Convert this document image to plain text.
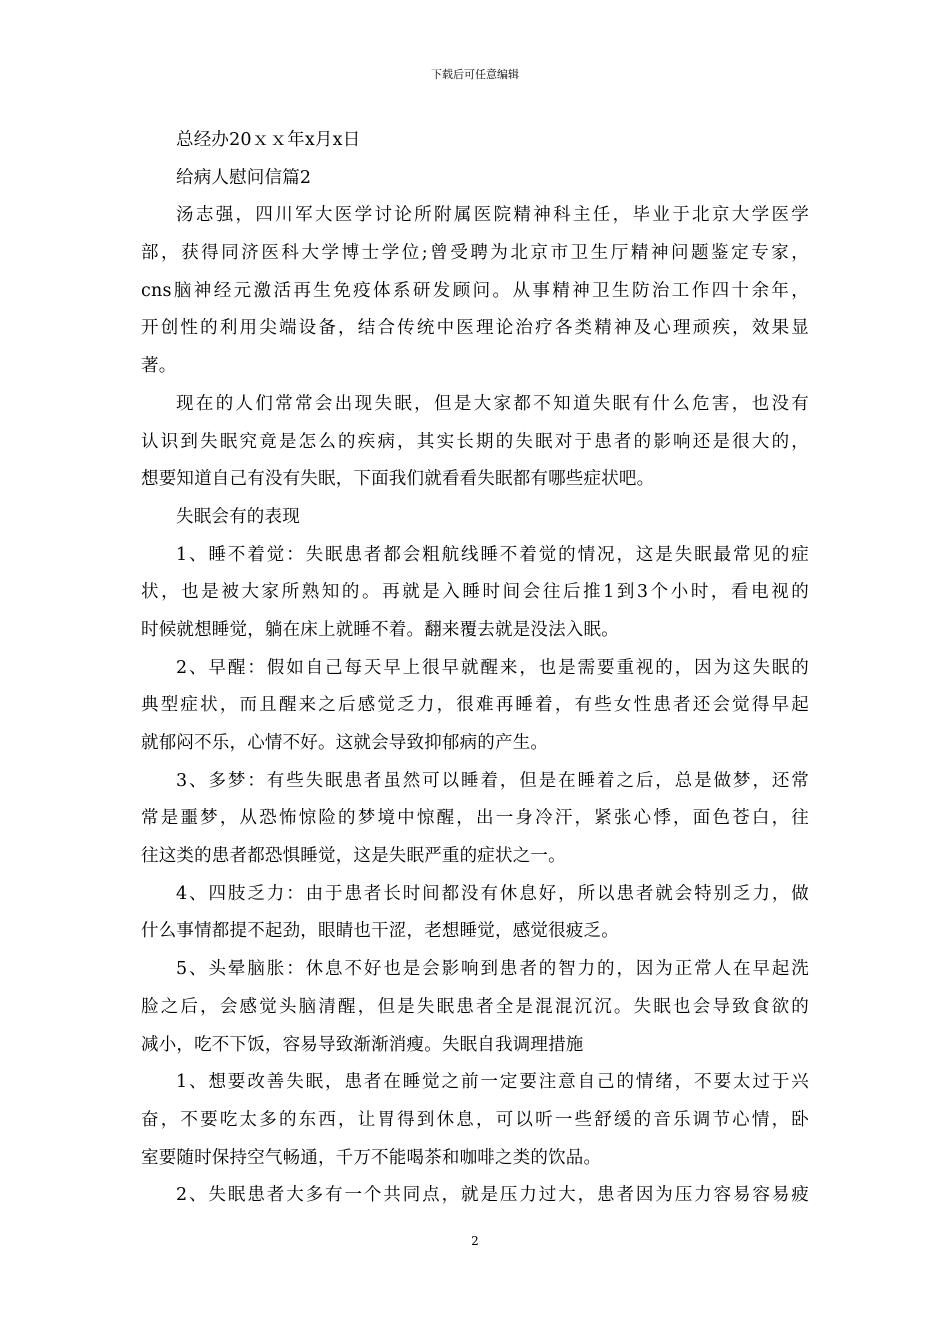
下载后可任意编辑
总经办20ｘｘ年x月x日
给病人慰问信篇2
汤志强，四川军大医学讨论所附属医院精神科主任，毕业于北京大学医学
部，获得同济医科大学博士学位;曾受聘为北京市卫生厅精神问题鉴定专家，
cns脑神经元激活再生免疫体系研发顾问。从事精神卫生防治工作四十余年，
开创性的利用尖端设备，结合传统中医理论治疗各类精神及心理顽疾，效果显
著。
现在的人们常常会出现失眠，但是大家都不知道失眠有什么危害，也没有
认识到失眠究竟是怎么的疾病，其实长期的失眠对于患者的影响还是很大的，
想要知道自己有没有失眠，下面我们就看看失眠都有哪些症状吧。
失眠会有的表现
1、睡不着觉：失眠患者都会粗航线睡不着觉的情况，这是失眠最常见的症
状，也是被大家所熟知的。再就是入睡时间会往后推1到3个小时，看电视的
时候就想睡觉，躺在床上就睡不着。翻来覆去就是没法入眠。
2、早醒：假如自己每天早上很早就醒来，也是需要重视的，因为这失眠的
典型症状，而且醒来之后感觉乏力，很难再睡着，有些女性患者还会觉得早起
就郁闷不乐，心情不好。这就会导致抑郁病的产生。
3、多梦：有些失眠患者虽然可以睡着，但是在睡着之后，总是做梦，还常
常是噩梦，从恐怖惊险的梦境中惊醒，出一身冷汗，紧张心悸，面色苍白，往
往这类的患者都恐惧睡觉，这是失眠严重的症状之一。
4、四肢乏力：由于患者长时间都没有休息好，所以患者就会特别乏力，做
什么事情都提不起劲，眼睛也干涩，老想睡觉，感觉很疲乏。
5、头晕脑胀：休息不好也是会影响到患者的智力的，因为正常人在早起洗
脸之后，会感觉头脑清醒，但是失眠患者全是混混沉沉。失眠也会导致食欲的
减小，吃不下饭，容易导致渐渐消瘦。失眠自我调理措施
1、想要改善失眠，患者在睡觉之前一定要注意自己的情绪，不要太过于兴
奋，不要吃太多的东西，让胃得到休息，可以听一些舒缓的音乐调节心情，卧
室要随时保持空气畅通，千万不能喝茶和咖啡之类的饮品。
2、失眠患者大多有一个共同点，就是压力过大，患者因为压力容易容易疲
2
